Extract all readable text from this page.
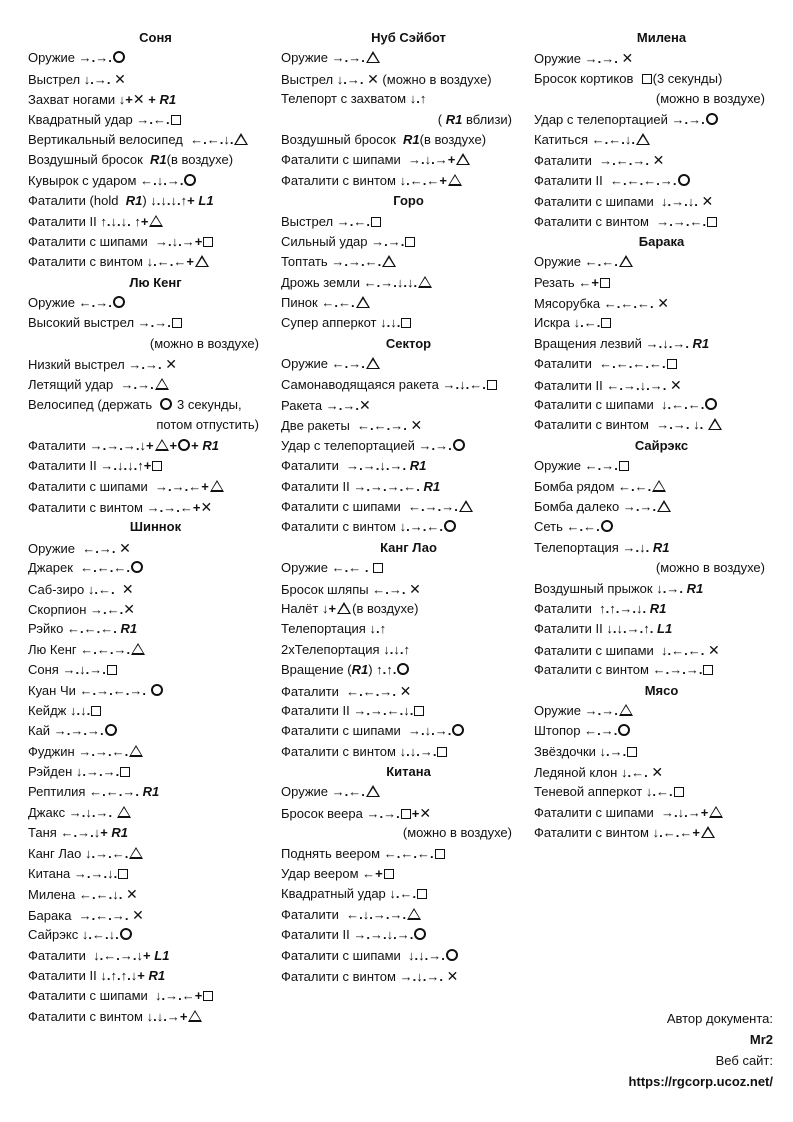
Соня
Оружие →.→.
Выстрел ↓.→. ✕
Захват ногами ↓+✕ + R1
Квадратный удар →.←.
Вертикальный велосипед ←.←.↓.
Воздушный бросок R1(в воздухе)
Кувырок с ударом ←.↓.→.
Фаталити (hold R1) ↓.↓.↓.↑+ L1
Фаталити II ↑.↓.↓. ↑+
Фаталити с шипами →.↓.→+
Фаталити с винтом ↓.←.←+
Лю Кенг
Оружие ←.→.
Высокий выстрел →.→.
(можно в воздухе)
Низкий выстрел →.→. ✕
Летящий удар →.→.
Велосипед (держать   3 секунды,
потом отпустить)
Фаталити →.→.→.↓+ + + R1
Фаталити II →.↓.↓.↑+
Фаталити с шипами →.→.←+
Фаталити с винтом →.→.←+✕
Шиннок
Оружие ←.→. ✕
Джарек ←.←.←.
Саб-зиро ↓.←.  ✕
Скорпион →.←.✕
Рэйко ←.←.←. R1
Лю Кенг ←.←.→.
Соня →.↓.→.
Куан Чи ←.→.←.→.
Кейдж ↓.↓.
Кай →.→.→.
Фуджин →.→.←.
Рэйден ↓.→.→.
Рептилия ←.←.→. R1
Джакс →.↓.→.
Таня ←.→.↓+ R1
Канг Лао ↓.→.←.
Китана →.→.↓.
Милена ←.←.↓. ✕
Барака →.←.→. ✕
Сайрэкс ↓.←.↓.
Фаталити ↓.←.→.↓+ L1
Фаталити II ↓.↑.↑.↓+ R1
Фаталити с шипами ↓.→.←+
Фаталити с винтом ↓.↓.→+
Нуб Сэйбот
Оружие →.→.
Выстрел ↓.→. ✕ (можно в воздухе)
Телепорт с захватом ↓.↑
( R1 вблизи)
Воздушный бросок R1(в воздухе)
Фаталити с шипами →.↓.→+
Фаталити с винтом ↓.←.←+
Горо
Выстрел →.←.
Сильный удар →.→.
Топтать →.→.←.
Дрожь земли ←.→.↓.↓.
Пинок ←.←.
Супер апперкот ↓.↓.
Сектор
Оружие ←.→.
Самонаводящаяся ракета →.↓.←.
Ракета →.→.✕
Две ракеты ←.←.→. ✕
Удар с телепортацией →.→.
Фаталити →.→.↓.→. R1
Фаталити II →.→.→.←. R1
Фаталити с шипами ←.→.→.
Фаталити с винтом ↓.→.←.
Канг Лао
Оружие ←.← .
Бросок шляпы ←.→. ✕
Налёт ↓+ (в воздухе)
Телепортация ↓.↑
2хТелепортация ↓.↓.↑
Вращение (R1) ↑.↑.
Фаталити ←.←.→. ✕
Фаталити II →.→.←.↓.
Фаталити с шипами →.↓.→.
Фаталити с винтом ↓.↓.→.
Китана
Оружие →.←.
Бросок веера →.→. +✕
(можно в воздухе)
Поднять веером ←.←.←.
Удар веером ←+
Квадратный удар ↓.←.
Фаталити ←.↓.→.→.
Фаталити II →.→.↓.→.
Фаталити с шипами ↓.↓.→.
Фаталити с винтом →.↓.→. ✕
Милена
Оружие →.→. ✕
Бросок кортиков (3 секунды)
(можно в воздухе)
Удар с телепортацией →.→.
Катиться ←.←.↓.
Фаталити →.←.→. ✕
Фаталити II ←.←.←.→.
Фаталити с шипами ↓.→.↓. ✕
Фаталити с винтом →.→.←.
Барака
Оружие ←.←.
Резать ←+
Мясорубка ←.←.←. ✕
Искра ↓.←.
Вращения лезвий →.↓.→. R1
Фаталити ←.←.←.←.
Фаталити II ←.→.↓.→. ✕
Фаталити с шипами ↓.←.←.
Фаталити с винтом →.→. ↓.
Сайрэкс
Оружие ←.→.
Бомба рядом ←.←.
Бомба далеко →.→.
Сеть ←.←.
Телепортация →.↓. R1
(можно в воздухе)
Воздушный прыжок ↓.→. R1
Фаталити ↑.↑.→.↓. R1
Фаталити II ↓.↓.→.↑. L1
Фаталити с шипами ↓.←.←. ✕
Фаталити с винтом ←.→.→.
Мясо
Оружие →.→.
Штопор ←.→.
Звёздочки ↓.→.
Ледяной клон ↓.←. ✕
Теневой апперкот ↓.←.
Фаталити с шипами →.↓.→+
Фаталити с винтом ↓.←.←+
Автор документа:
Mr2
Веб сайт:
https://rgcorp.ucoz.net/
